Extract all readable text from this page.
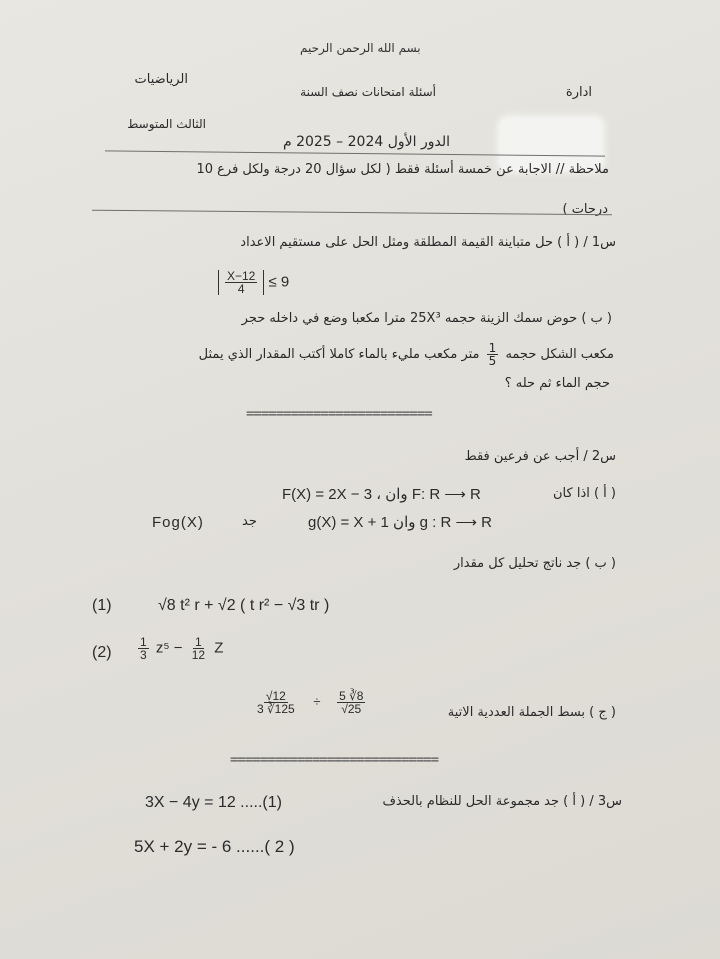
بسم الله الرحمن الرحيم
الرياضيات
أسئلة امتحانات نصف السنة	ادارة
الثالث المتوسط
الدور الأول 2024 – 2025 م
ملاحظة // الاجابة عن خمسة أسئلة فقط ( لكل سؤال 20 درجة ولكل فرع 10
درجات )
س1 / ( أ ) حل متباينة القيمة المطلقة ومثل الحل على مستقيم الاعداد
$\frac{X-12}{4} \le 9$
( ب ) حوض سمك الزينة حجمه 25X³ مترا مكعبا وضع في داخله حجر
مكعب الشكل حجمه
$\frac{1}{5}$
متر مكعب مليء بالماء كاملا أكتب المقدار الذي يمثل
حجم الماء ثم حله ؟
=========================
س2 / أجب عن فرعين فقط
( أ ) اذا كان
F(X) = 2X − 3 ، وان F: R ⟶ R
Fog(X)	جد	g(X) = X + 1 وان g : R ⟶ R
( ب ) جد ناتج تحليل كل مقدار
(1)	√8 t² r + √2 ( t r² − √3 tr )
$(2) \frac{1}{3} z^5 - \frac{1}{12}$ Z
( ج ) بسط الجملة العددية الاتية
$\frac{√12}{3 ∛125} \div \frac{5 ∛8}{√25}$
============================
س3 / ( أ ) جد مجموعة الحل للنظام بالحذف
3X − 4y = 12 .....(1)
5X + 2y = - 6 ......( 2 )
